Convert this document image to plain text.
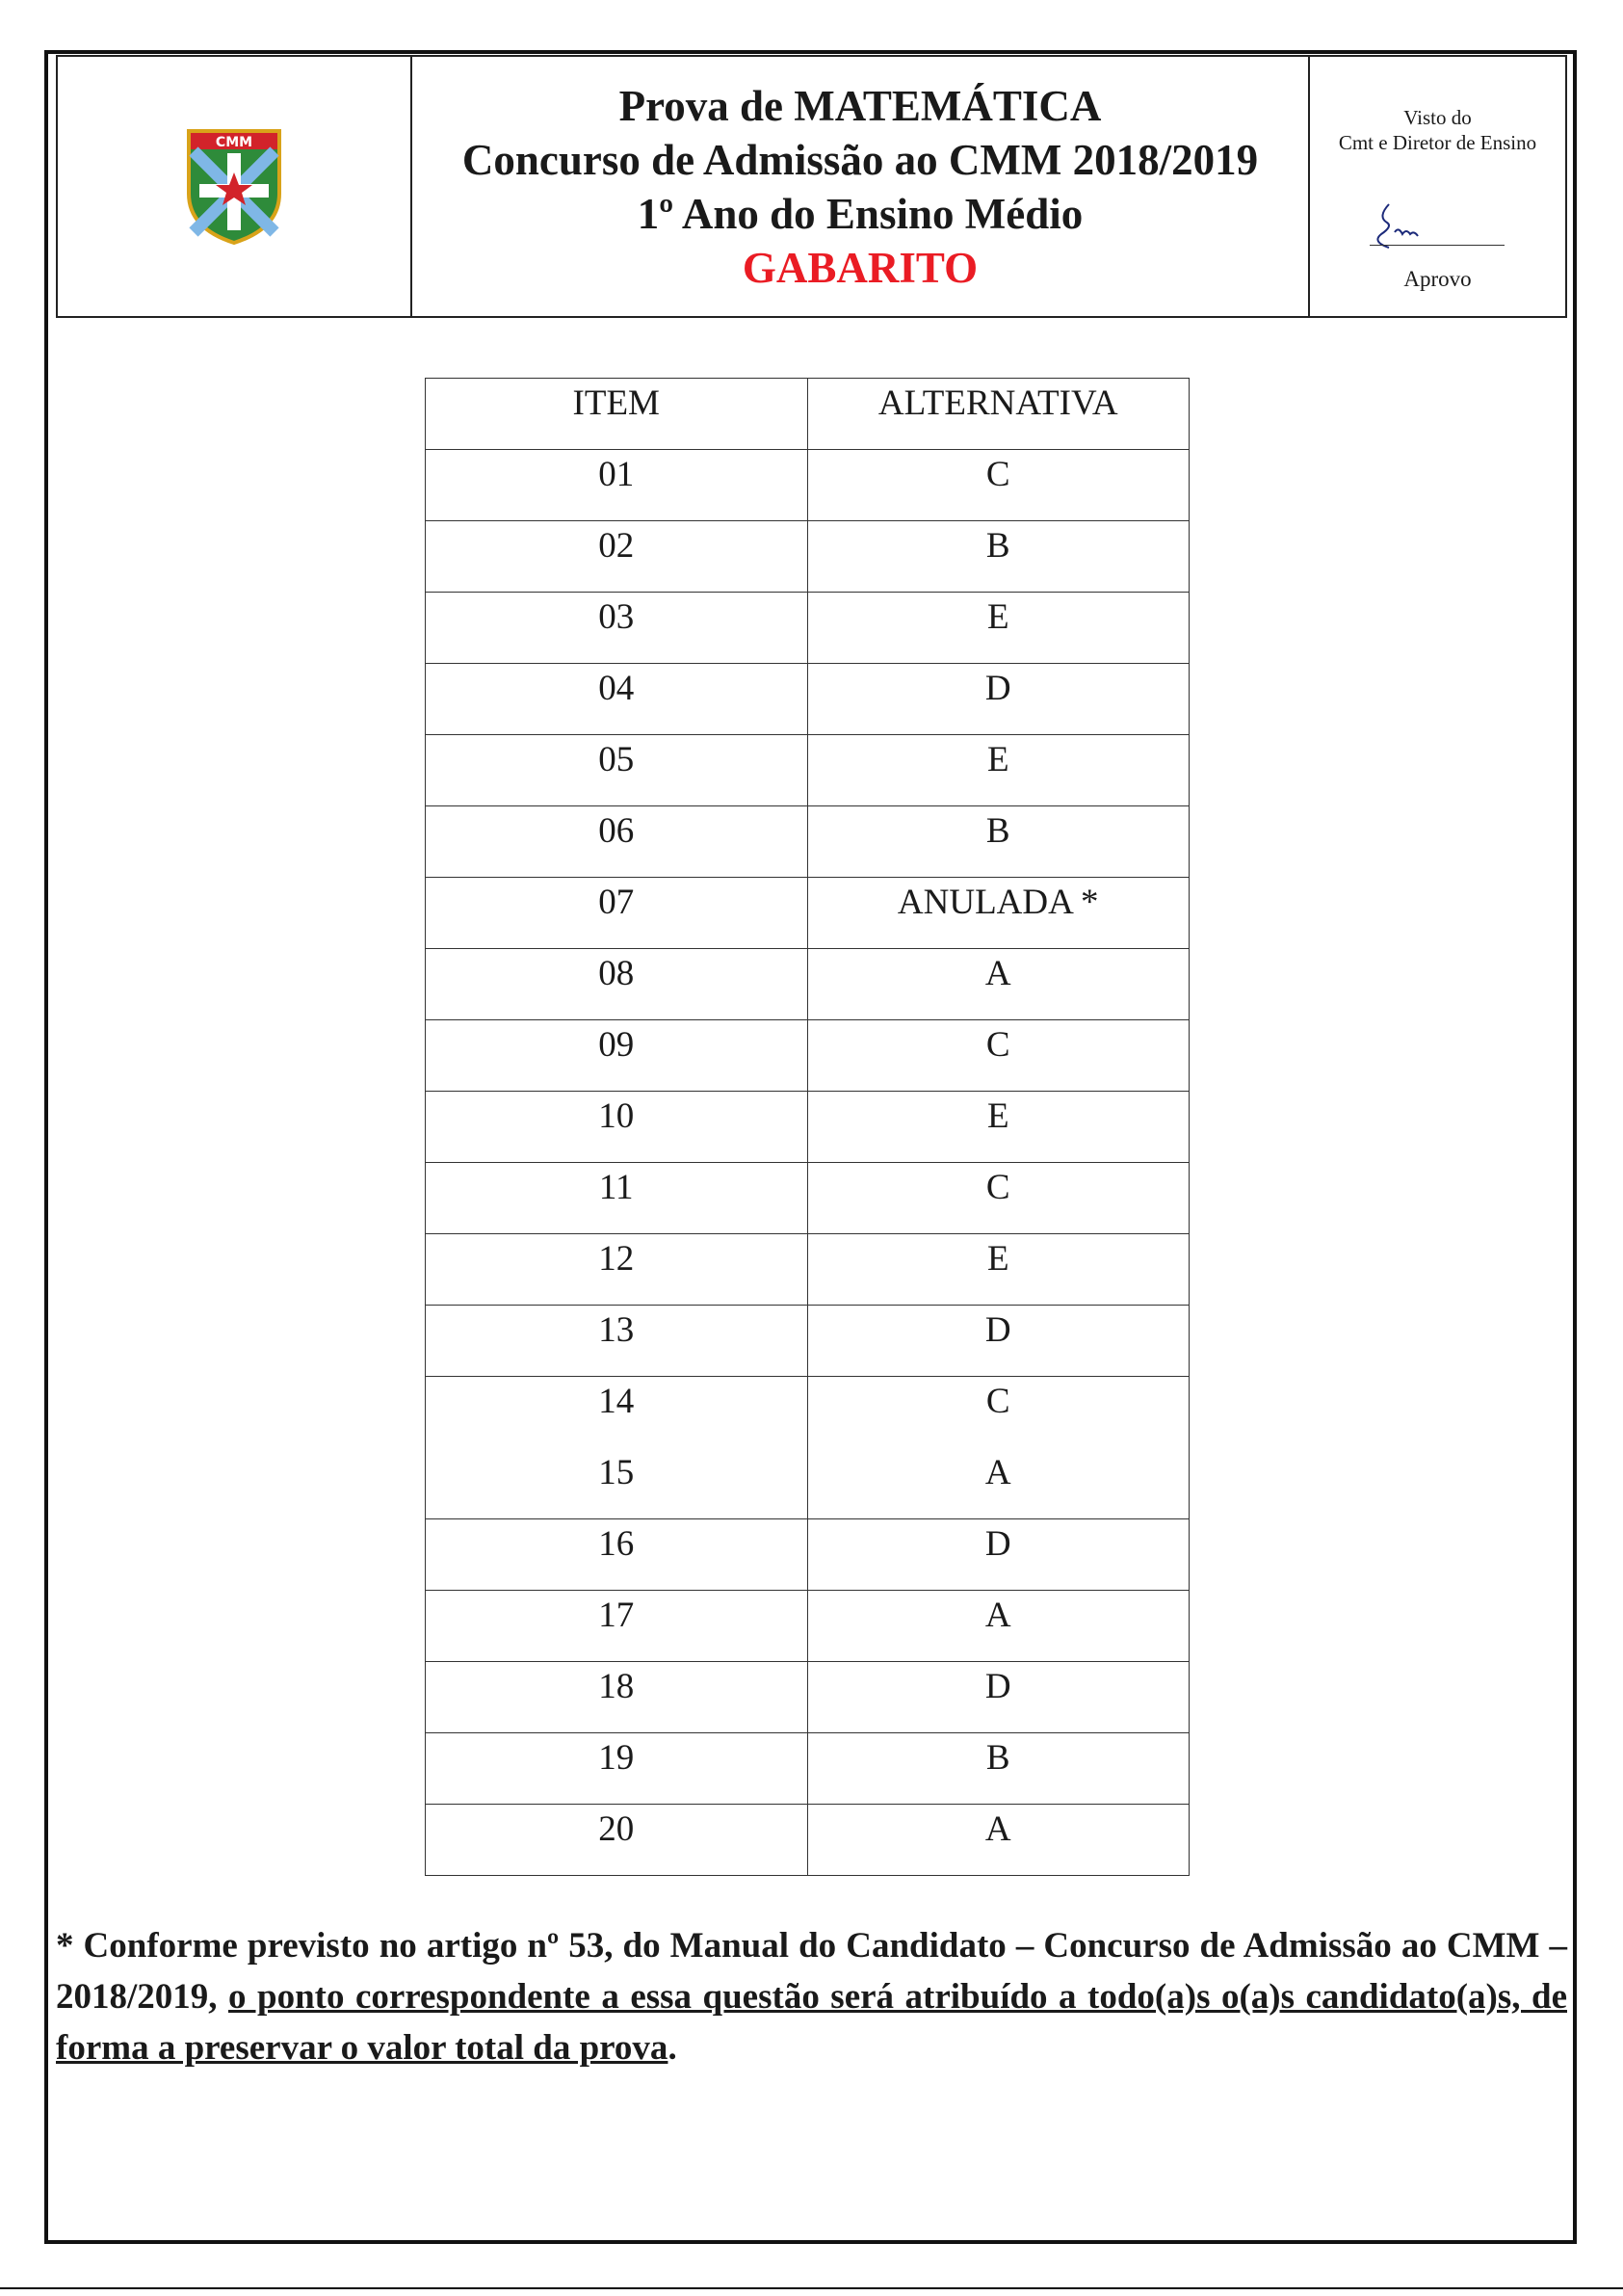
CMM
Prova de MATEMÁTICA
Concurso de Admissão ao CMM 2018/2019
1º Ano do Ensino Médio
GABARITO
Visto do
Cmt e Diretor de Ensino
Aprovo
ITEM	ALTERNATIVA
01	C
02	B
03	E
04	D
05	E
06	B
07	ANULADA *
08	A
09	C
10	E
11	C
12	E
13	D
14	C
15	A
16	D
17	A
18	D
19	B
20	A
* Conforme previsto no artigo nº 53, do Manual do Candidato – Concurso de Admissão ao CMM – 2018/2019, o ponto correspondente a essa questão será atribuído a todo(a)s o(a)s candidato(a)s, de forma a preservar o valor total da prova.
